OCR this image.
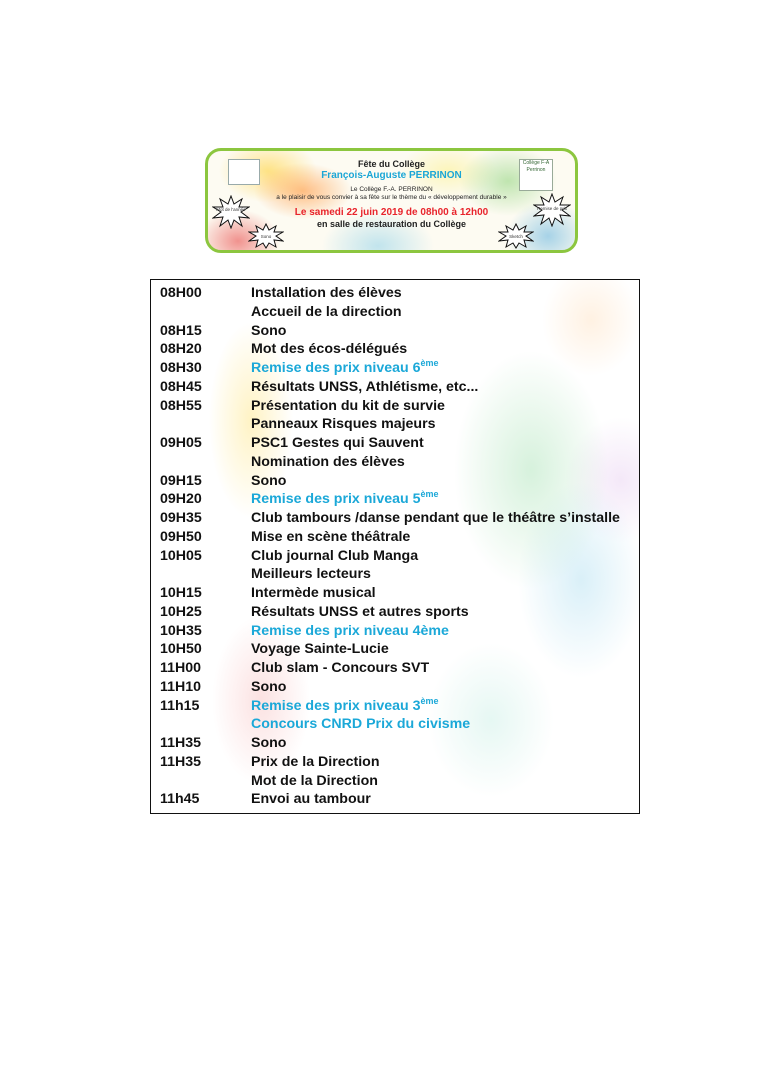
Collège F-A Perrinon
Fête du Collège
François-Auguste PERRINON
Le Collège F.-A. PERRINON
a le plaisir de vous convier à sa fête sur le thème du « développement durable »
Le samedi 22 juin 2019 de 08h00 à 12h00
en salle de restauration du Collège
Mot de l'année
Sono
Remise de prix
Sketch
08H00	Installation des élèves
Accueil de la direction
08H15	Sono
08H20	Mot des écos-délégués
08H30	Remise des prix niveau 6ème
08H45	Résultats UNSS, Athlétisme, etc...
08H55	Présentation du kit de survie
Panneaux Risques majeurs
09H05	PSC1 Gestes qui Sauvent
Nomination des élèves
09H15	Sono
09H20	Remise des prix niveau 5ème
09H35	Club tambours /danse pendant que le théâtre s’installe
09H50	Mise en scène théâtrale
10H05	Club journal Club Manga
Meilleurs lecteurs
10H15	Intermède musical
10H25	Résultats UNSS et autres sports
10H35	Remise des prix niveau 4ème
10H50	Voyage Sainte-Lucie
11H00	Club slam - Concours SVT
11H10	Sono
11h15	Remise des prix niveau 3ème
Concours CNRD Prix du civisme
11H35	Sono
11H35	Prix de la Direction
Mot de la Direction
11h45	Envoi au tambour
